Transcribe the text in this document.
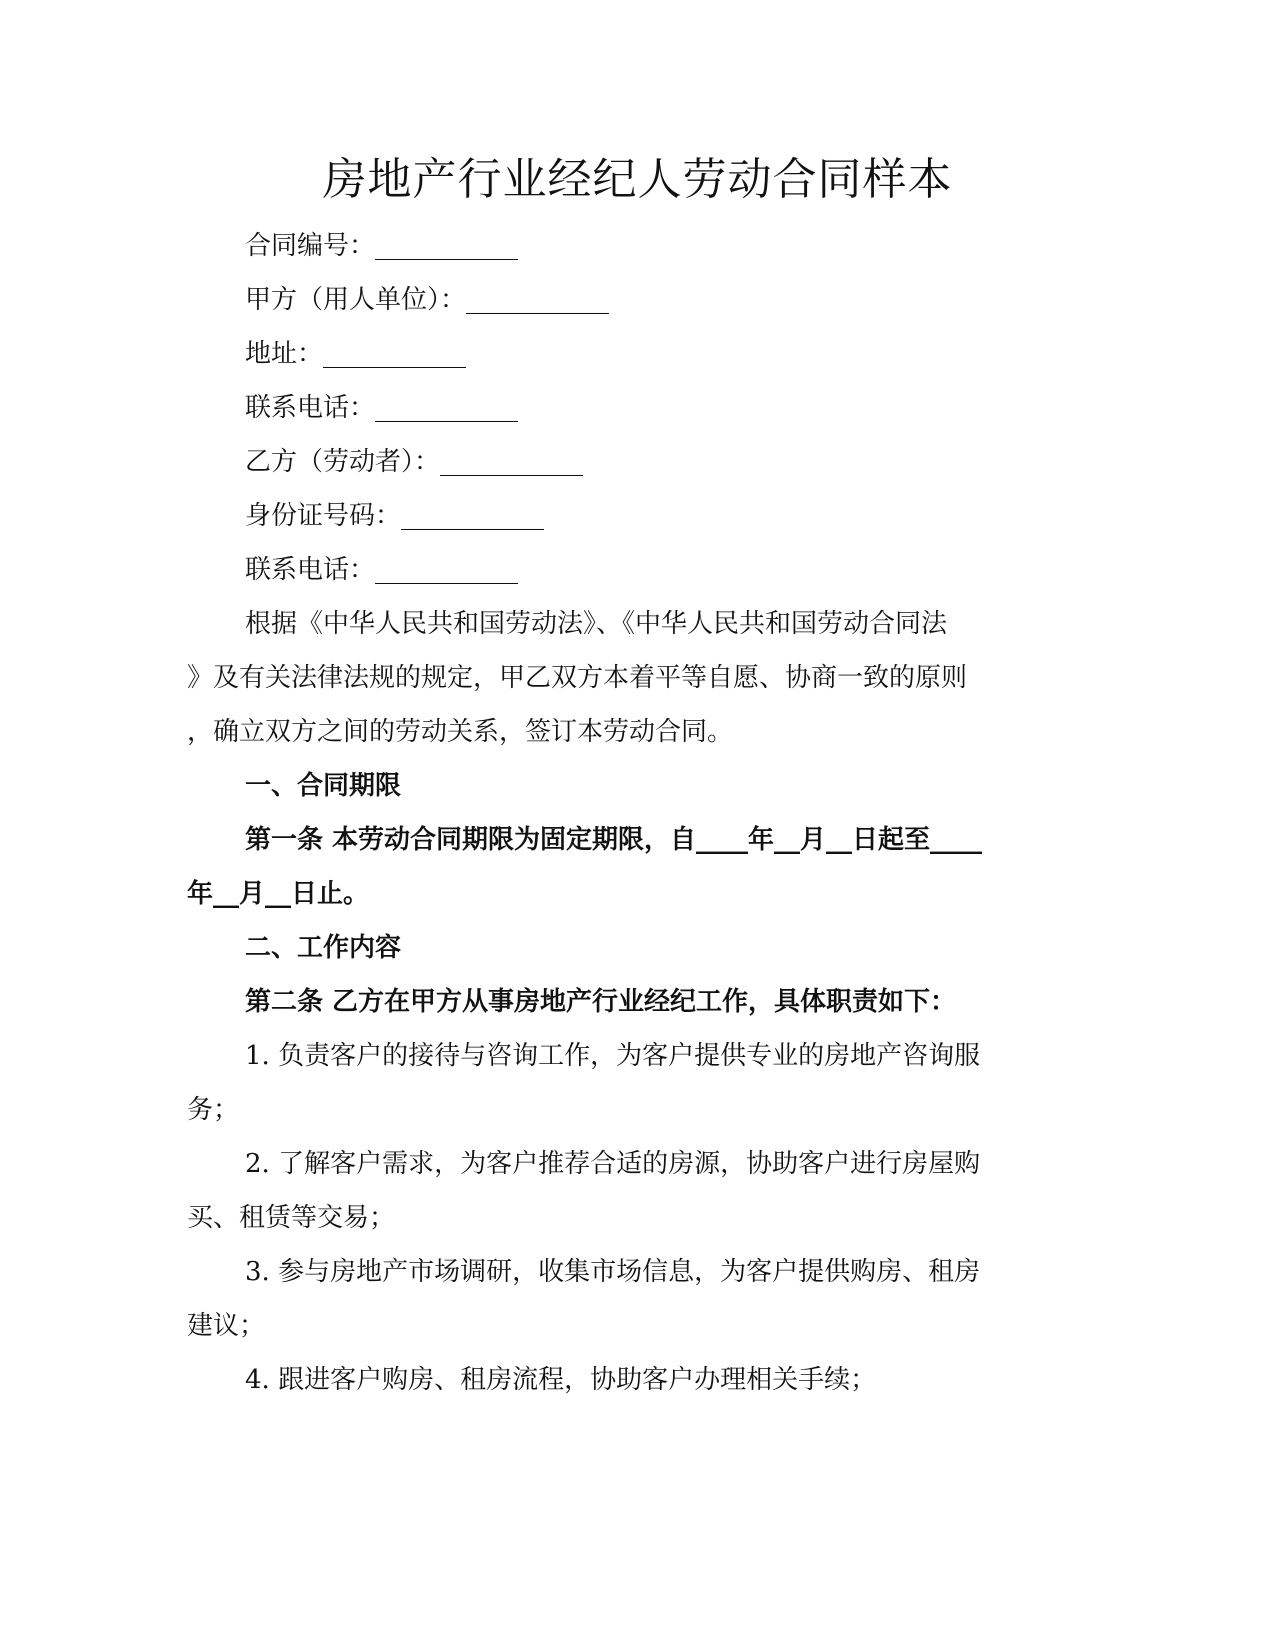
房地产行业经纪人劳动合同样本
合同编号：___________
甲方（用人单位）：___________
地址：___________
联系电话：___________
乙方（劳动者）：___________
身份证号码：___________
联系电话：___________
根据《中华人民共和国劳动法》、《中华人民共和国劳动合同法
》及有关法律法规的规定，甲乙双方本着平等自愿、协商一致的原则
，确立双方之间的劳动关系，签订本劳动合同。
一、合同期限
第一条 本劳动合同期限为固定期限，自____年__月__日起至____
年__月__日止。
二、工作内容
第二条 乙方在甲方从事房地产行业经纪工作，具体职责如下：
1. 负责客户的接待与咨询工作，为客户提供专业的房地产咨询服
务；
2. 了解客户需求，为客户推荐合适的房源，协助客户进行房屋购
买、租赁等交易；
3. 参与房地产市场调研，收集市场信息，为客户提供购房、租房
建议；
4. 跟进客户购房、租房流程，协助客户办理相关手续；
